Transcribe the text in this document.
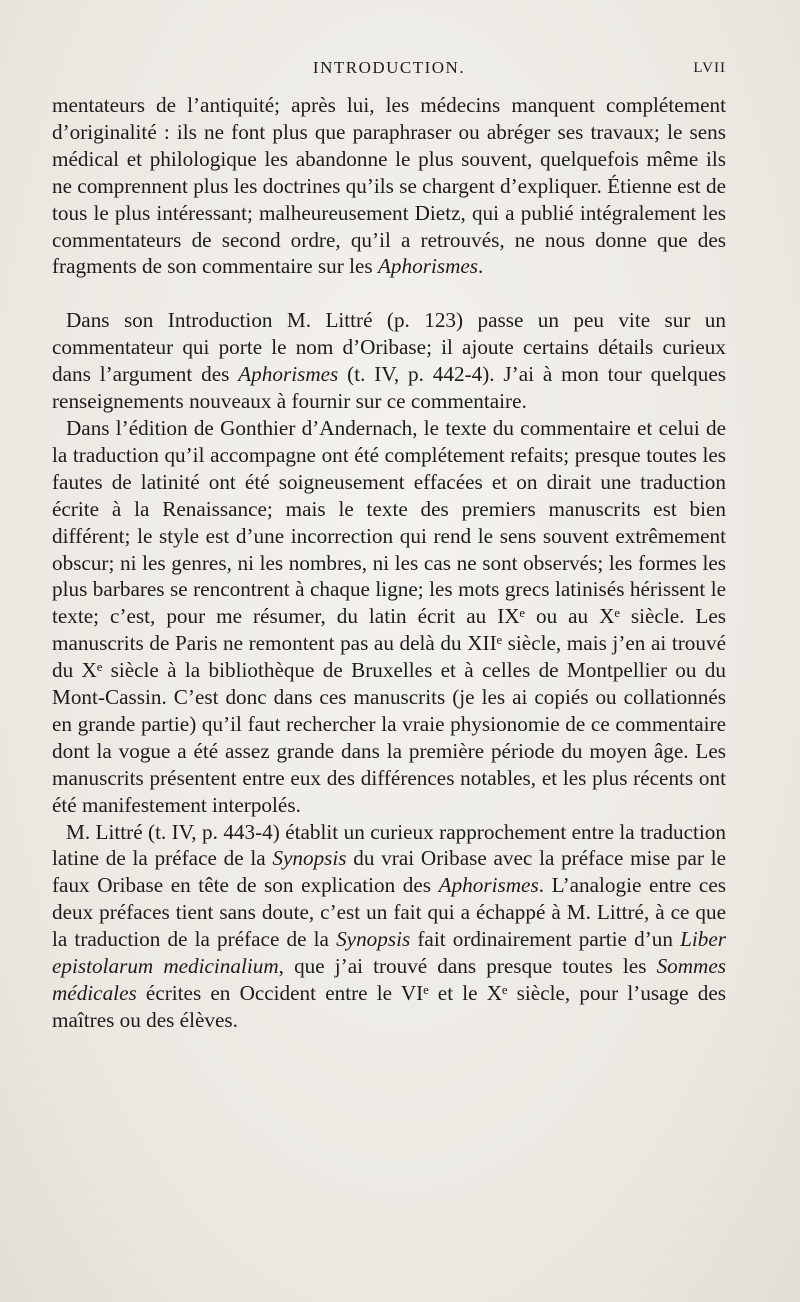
INTRODUCTION.	LVII

mentateurs de l’antiquité; après lui, les médecins manquent complétement d’originalité : ils ne font plus que paraphraser ou abréger ses travaux; le sens médical et philologique les abandonne le plus souvent, quelquefois même ils ne comprennent plus les doctrines qu’ils se chargent d’expliquer. Étienne est de tous le plus intéressant; malheureusement Dietz, qui a publié intégralement les commentateurs de second ordre, qu’il a retrouvés, ne nous donne que des fragments de son commentaire sur les Aphorismes.

Dans son Introduction M. Littré (p. 123) passe un peu vite sur un commentateur qui porte le nom d’Oribase; il ajoute certains détails curieux dans l’argument des Aphorismes (t. IV, p. 442-4). J’ai à mon tour quelques renseignements nouveaux à fournir sur ce commentaire.

Dans l’édition de Gonthier d’Andernach, le texte du commentaire et celui de la traduction qu’il accompagne ont été complétement refaits; presque toutes les fautes de latinité ont été soigneusement effacées et on dirait une traduction écrite à la Renaissance; mais le texte des premiers manuscrits est bien différent; le style est d’une incorrection qui rend le sens souvent extrêmement obscur; ni les genres, ni les nombres, ni les cas ne sont observés; les formes les plus barbares se rencontrent à chaque ligne; les mots grecs latinisés hérissent le texte; c’est, pour me résumer, du latin écrit au IXᵉ ou au Xᵉ siècle. Les manuscrits de Paris ne remontent pas au delà du XIIᵉ siècle, mais j’en ai trouvé du Xᵉ siècle à la bibliothèque de Bruxelles et à celles de Montpellier ou du Mont-Cassin. C’est donc dans ces manuscrits (je les ai copiés ou collationnés en grande partie) qu’il faut rechercher la vraie physionomie de ce commentaire dont la vogue a été assez grande dans la première période du moyen âge. Les manuscrits présentent entre eux des différences notables, et les plus récents ont été manifestement interpolés.

M. Littré (t. IV, p. 443-4) établit un curieux rapprochement entre la traduction latine de la préface de la Synopsis du vrai Oribase avec la préface mise par le faux Oribase en tête de son explication des Aphorismes. L’analogie entre ces deux préfaces tient sans doute, c’est un fait qui a échappé à M. Littré, à ce que la traduction de la préface de la Synopsis fait ordinairement partie d’un Liber epistolarum medicinalium, que j’ai trouvé dans presque toutes les Sommes médicales écrites en Occident entre le VIᵉ et le Xᵉ siècle, pour l’usage des maîtres ou des élèves.
